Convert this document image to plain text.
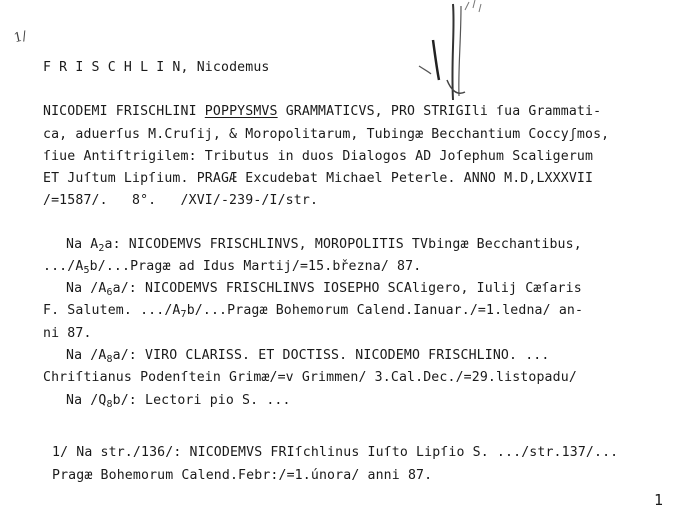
1/
F R I S C H L I N, Nicodemus
NICODEMI FRISCHLINI POPPYSMVS GRAMMATICVS, PRO STRIGIli ſua Grammati-
ca, aduerſus M.Cruſij, & Moropolitarum, Tubingæ Becchantium Coccyʃmos,
ſiue Antiſtrigilem: Tributus in duos Dialogos AD Joſephum Scaligerum
ET Juſtum Lipſium. PRAGÆ Excudebat Michael Peterle. ANNO M.D,LXXXVII
/=1587/.   8°.   /XVI/-239-/I/str.
Na $A_2a$: NICODEMVS FRISCHLINVS, MOROPOLITIS TVbingæ Becchantibus,
$.../A_5b/...Pragæ$ ad Idus Martij/=15.března/ 87.
Na $/A_6a/$: NICODEMVS FRISCHLINVS IOSEPHO SCAligero, Iulij Cæſaris
F. Salutem. $.../A_7b/...Pragæ$ Bohemorum Calend.Ianuar./=1.ledna/ an-
ni 87.
Na $/A_8a/$: VIRO CLARISS. ET DOCTISS. NICODEMO FRISCHLINO. ...
Chriſtianus Podenſtein Grimæ/=v Grimmen/ 3.Cal.Dec./=29.listopadu/
Na $/Q_8b/$: Lectori pio S. ...
1/ Na str./136/: NICODEMVS FRIſchlinus Iuſto Lipſio S. .../str.137/...
Pragæ Bohemorum Calend.Febr:/=1.února/ anni 87.
1
